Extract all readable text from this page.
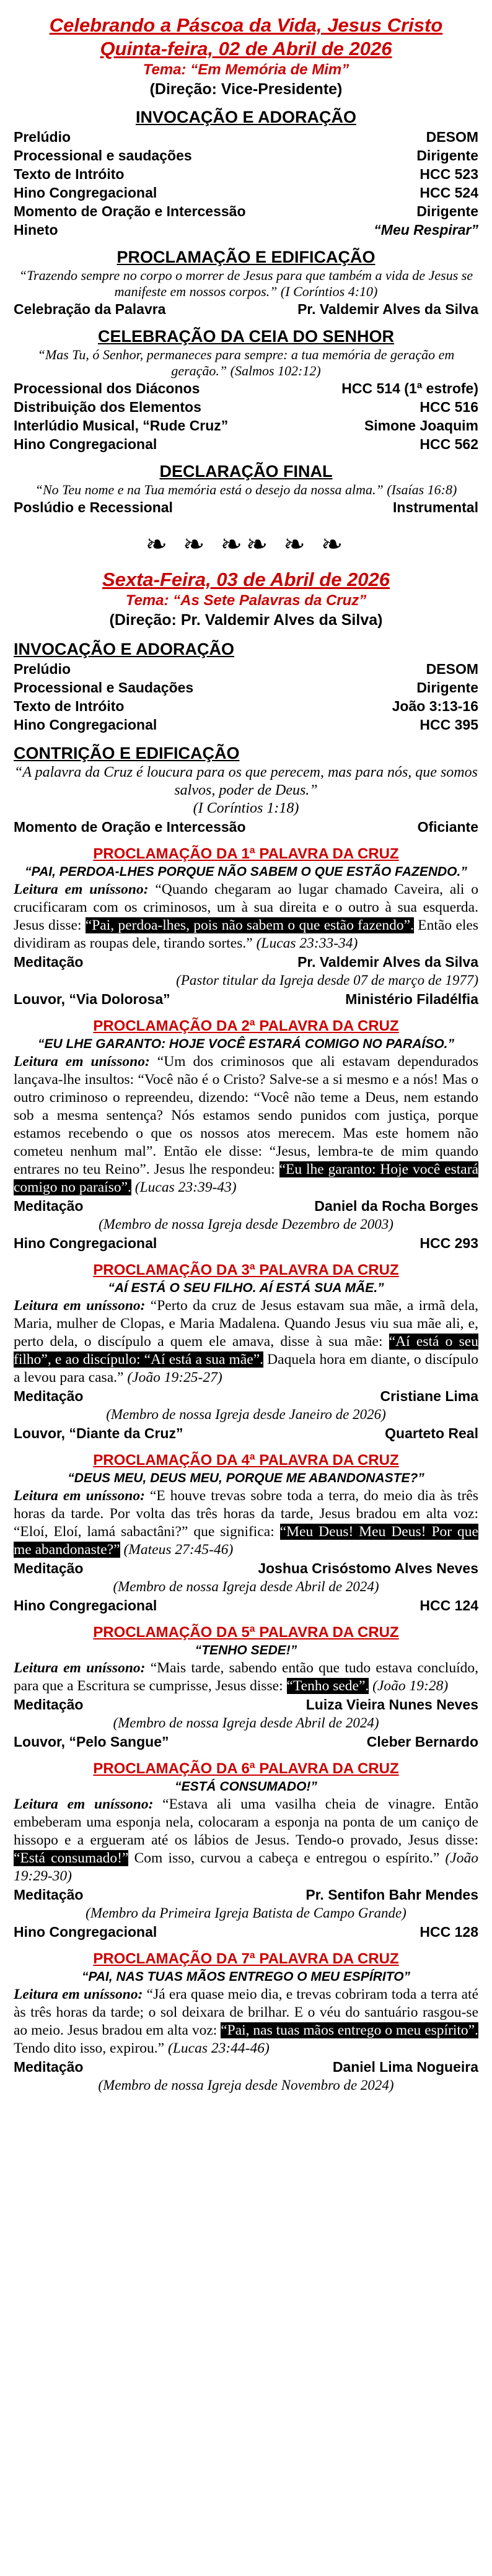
Celebrando a Páscoa da Vida, Jesus Cristo
Quinta-feira, 02 de Abril de 2026
Tema: “Em Memória de Mim”
(Direção: Vice-Presidente)
INVOCAÇÃO E ADORAÇÃO
Prelúdio	DESOM
Processional e saudações	Dirigente
Texto de Intróito	HCC 523
Hino Congregacional	HCC 524
Momento de Oração e Intercessão	Dirigente
Hineto	“Meu Respirar”
PROCLAMAÇÃO E EDIFICAÇÃO
“Trazendo sempre no corpo o morrer de Jesus para que também a vida de Jesus se manifeste em nossos corpos.” (I Coríntios 4:10)
Celebração da Palavra	Pr. Valdemir Alves da Silva
CELEBRAÇÃO DA CEIA DO SENHOR
“Mas Tu, ó Senhor, permaneces para sempre: a tua memória de geração em geração.” (Salmos 102:12)
Processional dos Diáconos	HCC 514 (1ª estrofe)
Distribuição dos Elementos	HCC 516
Interlúdio Musical, “Rude Cruz”	Simone Joaquim
Hino Congregacional	HCC 562
DECLARAÇÃO FINAL
“No Teu nome e na Tua memória está o desejo da nossa alma.” (Isaías 16:8)
Poslúdio e Recessional	Instrumental
❧ ❧ ❧❧ ❧ ❧
Sexta-Feira, 03 de Abril de 2026
Tema: “As Sete Palavras da Cruz”
(Direção: Pr. Valdemir Alves da Silva)
INVOCAÇÃO E ADORAÇÃO
Prelúdio	DESOM
Processional e Saudações	Dirigente
Texto de Intróito	João 3:13-16
Hino Congregacional	HCC 395
CONTRIÇÃO E EDIFICAÇÃO
“A palavra da Cruz é loucura para os que perecem, mas para nós, que somos salvos, poder de Deus.”
(I Coríntios 1:18)
Momento de Oração e Intercessão	Oficiante
PROCLAMAÇÃO DA 1ª PALAVRA DA CRUZ
“PAI, PERDOA-LHES PORQUE NÃO SABEM O QUE ESTÃO FAZENDO.”
Leitura em uníssono: “Quando chegaram ao lugar chamado Caveira, ali o crucificaram com os criminosos, um à sua direita e o outro à sua esquerda. Jesus disse: “Pai, perdoa-lhes, pois não sabem o que estão fazendo”. Então eles dividiram as roupas dele, tirando sortes.” (Lucas 23:33-34)
Meditação	Pr. Valdemir Alves da Silva
(Pastor titular da Igreja desde 07 de março de 1977)
Louvor, “Via Dolorosa”	Ministério Filadélfia
PROCLAMAÇÃO DA 2ª PALAVRA DA CRUZ
“EU LHE GARANTO: HOJE VOCÊ ESTARÁ COMIGO NO PARAÍSO.”
Leitura em uníssono: “Um dos criminosos que ali estavam dependurados lançava-lhe insultos: “Você não é o Cristo? Salve-se a si mesmo e a nós! Mas o outro criminoso o repreendeu, dizendo: “Você não teme a Deus, nem estando sob a mesma sentença? Nós estamos sendo punidos com justiça, porque estamos recebendo o que os nossos atos merecem. Mas este homem não cometeu nenhum mal”. Então ele disse: “Jesus, lembra-te de mim quando entrares no teu Reino”. Jesus lhe respondeu: “Eu lhe garanto: Hoje você estará comigo no paraíso”. (Lucas 23:39-43)
Meditação	Daniel da Rocha Borges
(Membro de nossa Igreja desde Dezembro de 2003)
Hino Congregacional	HCC 293
PROCLAMAÇÃO DA 3ª PALAVRA DA CRUZ
“AÍ ESTÁ O SEU FILHO. AÍ ESTÁ SUA MÃE.”
Leitura em uníssono: “Perto da cruz de Jesus estavam sua mãe, a irmã dela, Maria, mulher de Clopas, e Maria Madalena. Quando Jesus viu sua mãe ali, e, perto dela, o discípulo a quem ele amava, disse à sua mãe: “Aí está o seu filho”, e ao discípulo: “Aí está a sua mãe”. Daquela hora em diante, o discípulo a levou para casa.” (João 19:25-27)
Meditação	Cristiane Lima
(Membro de nossa Igreja desde Janeiro de 2026)
Louvor, “Diante da Cruz”	Quarteto Real
PROCLAMAÇÃO DA 4ª PALAVRA DA CRUZ
“DEUS MEU, DEUS MEU, PORQUE ME ABANDONASTE?”
Leitura em uníssono: “E houve trevas sobre toda a terra, do meio dia às três horas da tarde. Por volta das três horas da tarde, Jesus bradou em alta voz: “Eloí, Eloí, lamá sabactâni?” que significa: “Meu Deus! Meu Deus! Por que me abandonaste?” (Mateus 27:45-46)
Meditação	Joshua Crisóstomo Alves Neves
(Membro de nossa Igreja desde Abril de 2024)
Hino Congregacional	HCC 124
PROCLAMAÇÃO DA 5ª PALAVRA DA CRUZ
“TENHO SEDE!”
Leitura em uníssono: “Mais tarde, sabendo então que tudo estava concluído, para que a Escritura se cumprisse, Jesus disse: “Tenho sede”. (João 19:28)
Meditação	Luiza Vieira Nunes Neves
(Membro de nossa Igreja desde Abril de 2024)
Louvor, “Pelo Sangue”	Cleber Bernardo
PROCLAMAÇÃO DA 6ª PALAVRA DA CRUZ
“ESTÁ CONSUMADO!”
Leitura em uníssono: “Estava ali uma vasilha cheia de vinagre. Então embeberam uma esponja nela, colocaram a esponja na ponta de um caniço de hissopo e a ergueram até os lábios de Jesus. Tendo-o provado, Jesus disse: “Está consumado!” Com isso, curvou a cabeça e entregou o espírito.” (João 19:29-30)
Meditação	Pr. Sentifon Bahr Mendes
(Membro da Primeira Igreja Batista de Campo Grande)
Hino Congregacional	HCC 128
PROCLAMAÇÃO DA 7ª PALAVRA DA CRUZ
“PAI, NAS TUAS MÃOS ENTREGO O MEU ESPÍRITO”
Leitura em uníssono: “Já era quase meio dia, e trevas cobriram toda a terra até às três horas da tarde; o sol deixara de brilhar. E o véu do santuário rasgou-se ao meio. Jesus bradou em alta voz: “Pai, nas tuas mãos entrego o meu espírito”. Tendo dito isso, expirou.” (Lucas 23:44-46)
Meditação	Daniel Lima Nogueira
(Membro de nossa Igreja desde Novembro de 2024)
